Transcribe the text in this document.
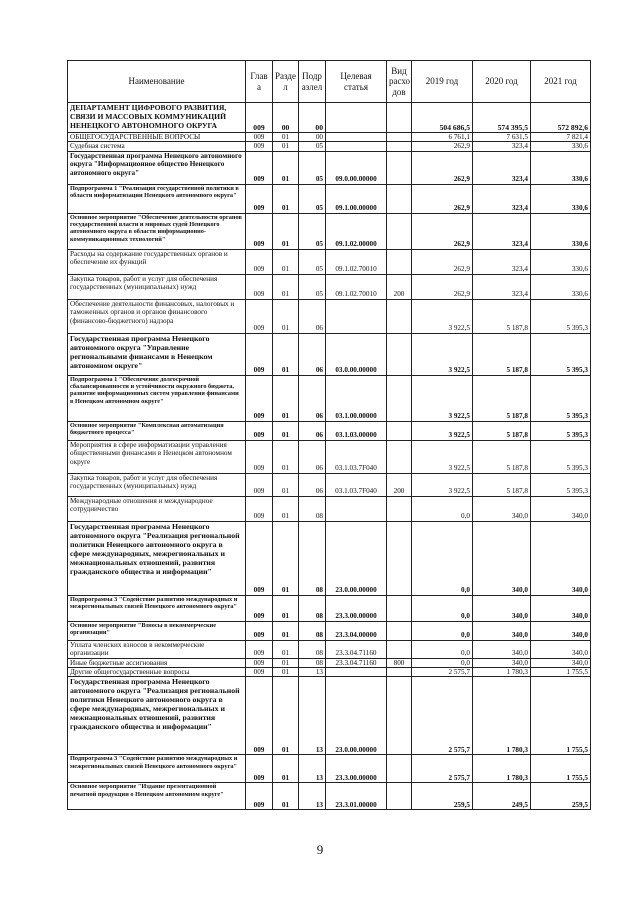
Наименование	Глав а	Разде л	Подр азлел	Целевая статья	Вид расхо дов	2019 год	2020 год	2021 год
ДЕПАРТАМЕНТ ЦИФРОВОГО РАЗВИТИЯ, СВЯЗИ И МАССОВЫХ КОММУНИКАЦИЙ НЕНЕЦКОГО АВТОНОМНОГО ОКРУГА	009	00	00			504 686,5	574 395,5	572 892,6
ОБЩЕГОСУДАРСТВЕННЫЕ ВОПРОСЫ	009	01	00			6 761,1	7 631,5	7 821,4
Судебная система	009	01	05			262,9	323,4	330,6
Государственная программа Ненецкого автономного округа "Информационное общество Ненецкого автономного округа"	009	01	05	09.0.00.00000		262,9	323,4	330,6
Подпрограмма 1 "Реализация государственной политики в области информатизации Ненецкого автономного округа"	009	01	05	09.1.00.00000		262,9	323,4	330,6
Основное мероприятие "Обеспечение деятельности органов государственной власти и мировых судей Ненецкого автономного округа в области информационно-коммуникационных технологий"	009	01	05	09.1.02.00000		262,9	323,4	330,6
Расходы на содержание государственных органов и обеспечение их функций	009	01	05	09.1.02.70010		262,9	323,4	330,6
Закупка товаров, работ и услуг для обеспечения государственных (муниципальных) нужд	009	01	05	09.1.02.70010	200	262,9	323,4	330,6
Обеспечение деятельности финансовых, налоговых и таможенных органов и органов финансового (финансово-бюджетного) надзора	009	01	06			3 922,5	5 187,8	5 395,3
Государственная программа Ненецкого автономного округа "Управление региональными финансами в Ненецком автономном округе"	009	01	06	03.0.00.00000		3 922,5	5 187,8	5 395,3
Подпрограмма 1 "Обеспечение долгосрочной сбалансированности и устойчивости окружного бюджета, развитие информационных систем управления финансами в Ненецком автономном округе"	009	01	06	03.1.00.00000		3 922,5	5 187,8	5 395,3
Основное мероприятие "Комплексная автоматизация бюджетного процесса"	009	01	06	03.1.03.00000		3 922,5	5 187,8	5 395,3
Мероприятия в сфере информатизации управления общественными финансами в Ненецком автономном округе	009	01	06	03.1.03.7F040		3 922,5	5 187,8	5 395,3
Закупка товаров, работ и услуг для обеспечения государственных (муниципальных) нужд	009	01	06	03.1.03.7F040	200	3 922,5	5 187,8	5 395,3
Международные отношения и международное сотрудничество	009	01	08			0,0	340,0	340,0
Государственная программа Ненецкого автономного округа "Реализация региональной политики Ненецкого автономного округа в сфере международных, межрегиональных и межнациональных отношений, развития гражданского общества и информации"	009	01	08	23.0.00.00000		0,0	340,0	340,0
Подпрограмма 3 "Содействие развитию международных и межрегиональных связей Ненецкого автономного округа"	009	01	08	23.3.00.00000		0,0	340,0	340,0
Основное мероприятие "Взносы в некоммерческие организации"	009	01	08	23.3.04.00000		0,0	340,0	340,0
Уплата членских взносов в некоммерческие организации	009	01	08	23.3.04.71160		0,0	340,0	340,0
Иные бюджетные ассигнования	009	01	08	23.3.04.71160	800	0,0	340,0	340,0
Другие общегосударственные вопросы	009	01	13			2 575,7	1 780,3	1 755,5
Государственная программа Ненецкого автономного округа "Реализация региональной политики Ненецкого автономного округа в сфере международных, межрегиональных и межнациональных отношений, развития гражданского общества и информации"	009	01	13	23.0.00.00000		2 575,7	1 780,3	1 755,5
Подпрограмма 3 "Содействие развитию международных и межрегиональных связей Ненецкого автономного округа"	009	01	13	23.3.00.00000		2 575,7	1 780,3	1 755,5
Основное мероприятие "Издание презентационной печатной продукции о Ненецком автономном округе"	009	01	13	23.3.01.00000		259,5	249,5	259,5
9
